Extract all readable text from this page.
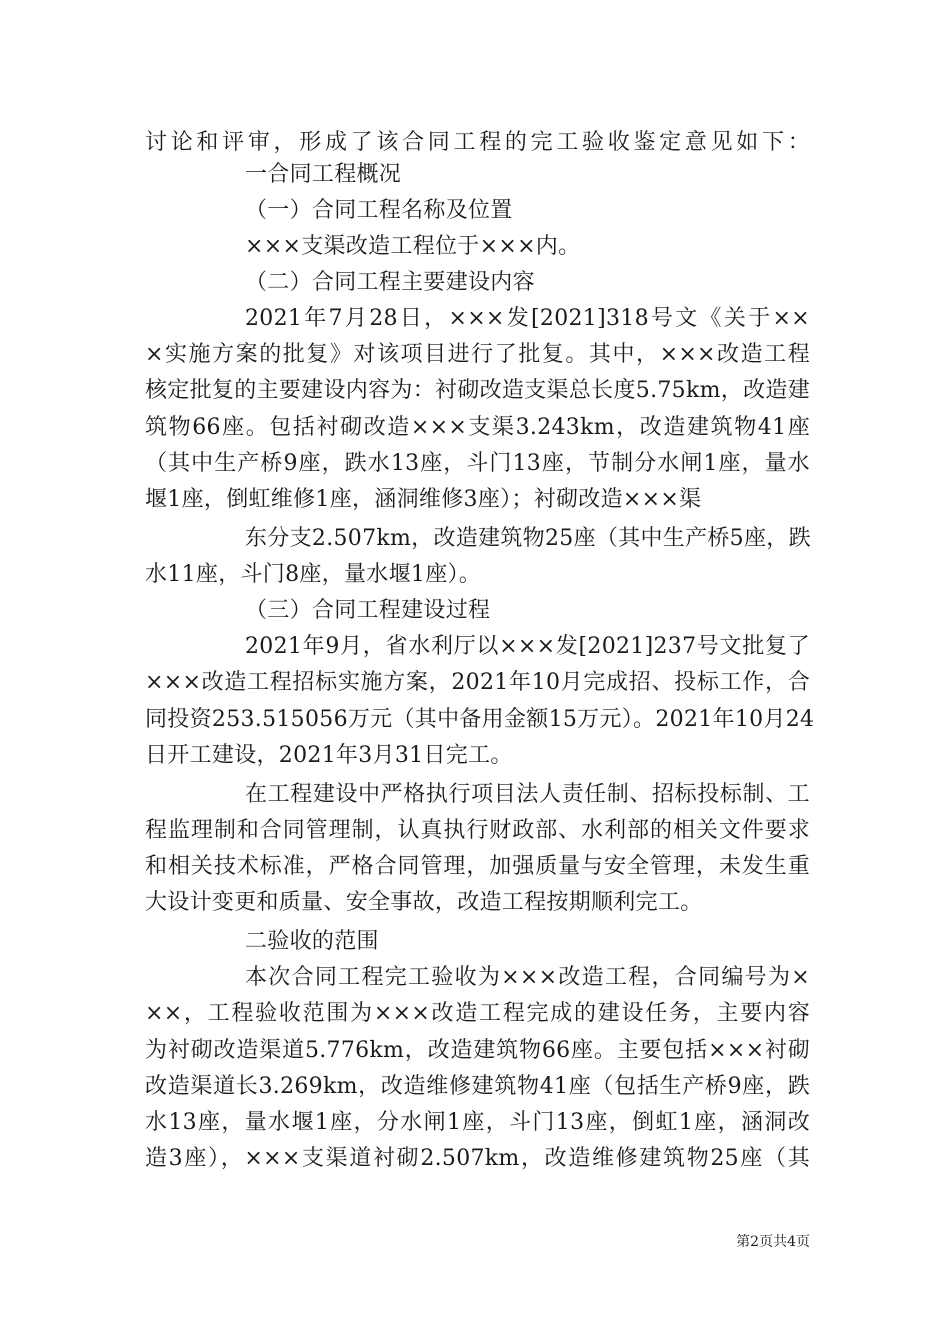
讨论和评审，形成了该合同工程的完工验收鉴定意见如下：
一合同工程概况
（一）合同工程名称及位置
×××支渠改造工程位于×××内。
（二）合同工程主要建设内容
2021年7月28日，×××发[2021]318号文《关于××
×实施方案的批复》对该项目进行了批复。其中，×××改造工程
核定批复的主要建设内容为：衬砌改造支渠总长度5.75km，改造建
筑物66座。包括衬砌改造×××支渠3.243km，改造建筑物41座
（其中生产桥9座，跌水13座，斗门13座，节制分水闸1座，量水
堰1座，倒虹维修1座，涵洞维修3座）；衬砌改造×××渠
东分支2.507km，改造建筑物25座（其中生产桥5座，跌
水11座，斗门8座，量水堰1座）。
（三）合同工程建设过程
2021年9月，省水利厅以×××发[2021]237号文批复了
×××改造工程招标实施方案，2021年10月完成招、投标工作，合
同投资253.515056万元（其中备用金额15万元）。2021年10月24
日开工建设，2021年3月31日完工。
在工程建设中严格执行项目法人责任制、招标投标制、工
程监理制和合同管理制，认真执行财政部、水利部的相关文件要求
和相关技术标准，严格合同管理，加强质量与安全管理，未发生重
大设计变更和质量、安全事故，改造工程按期顺利完工。
二验收的范围
本次合同工程完工验收为×××改造工程，合同编号为×
××，工程验收范围为×××改造工程完成的建设任务，主要内容
为衬砌改造渠道5.776km，改造建筑物66座。主要包括×××衬砌
改造渠道长3.269km，改造维修建筑物41座（包括生产桥9座，跌
水13座，量水堰1座，分水闸1座，斗门13座，倒虹1座，涵洞改
造3座），×××支渠道衬砌2.507km，改造维修建筑物25座（其
第2页共4页
